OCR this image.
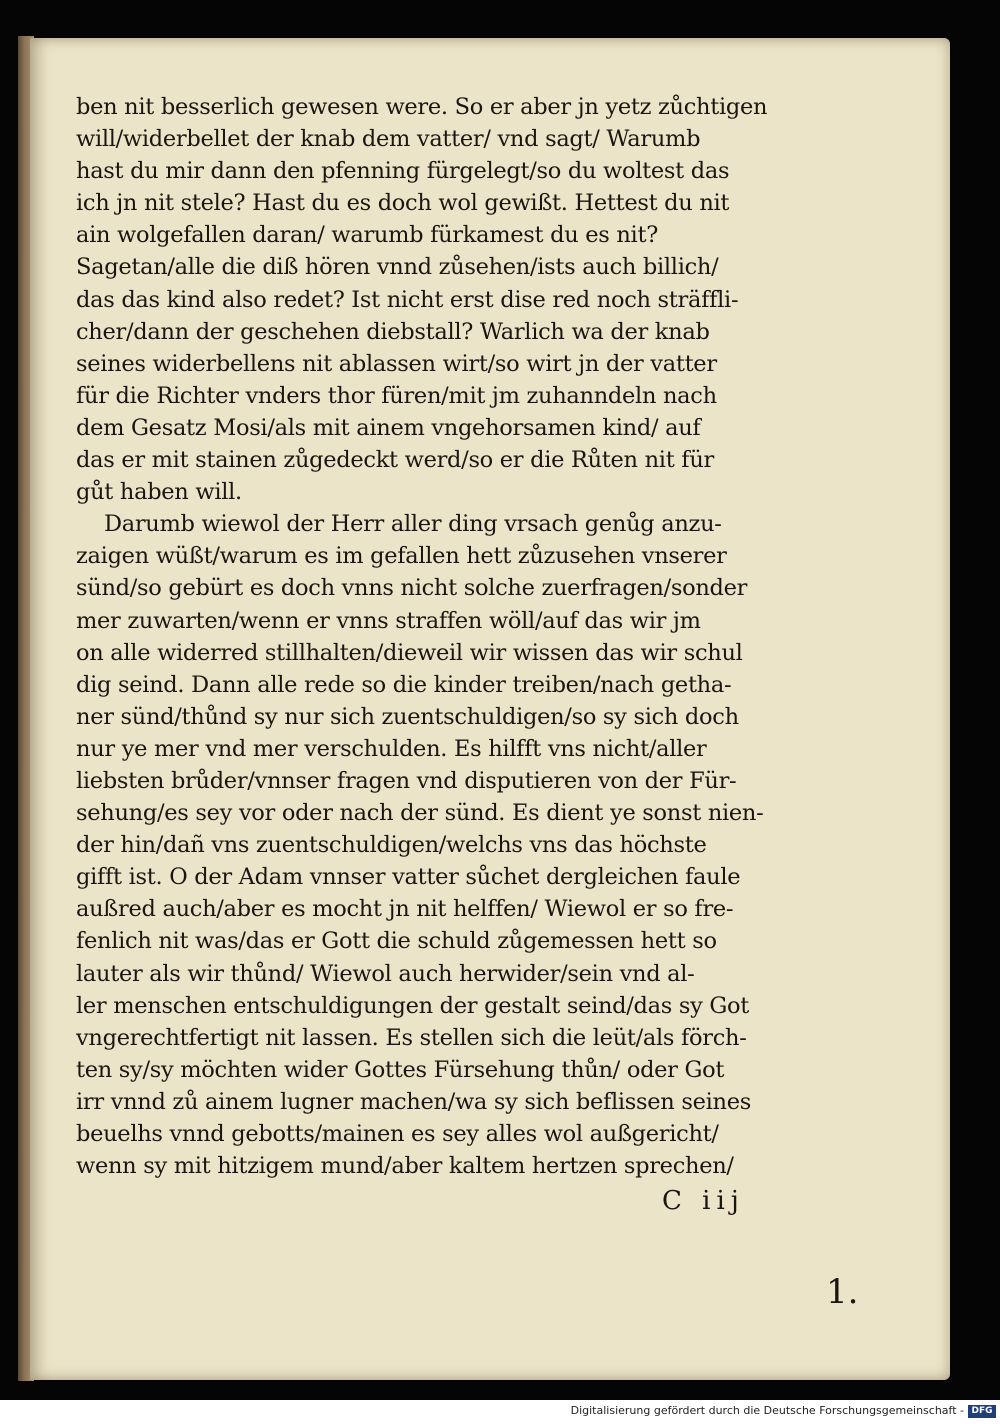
ben nit besserlich gewesen were. So er aber jn yetz zůchtigen
will/widerbellet der knab dem vatter/ vnd sagt/ Warumb
hast du mir dann den pfenning fürgelegt/so du woltest das
ich jn nit stele? Hast du es doch wol gewißt. Hettest du nit
ain wolgefallen daran/ warumb fürkamest du es nit?
Sagetan/alle die diß hören vnnd zůsehen/ists auch billich/
das das kind also redet? Ist nicht erst dise red noch sträffli-
cher/dann der geschehen diebstall? Warlich wa der knab
seines widerbellens nit ablassen wirt/so wirt jn der vatter
für die Richter vnders thor füren/mit jm zuhanndeln nach
dem Gesatz Mosi/als mit ainem vngehorsamen kind/ auf
das er mit stainen zůgedeckt werd/so er die Růten nit für
gůt haben will.
Darumb wiewol der Herr aller ding vrsach genůg anzu-
zaigen wüßt/warum es im gefallen hett zůzusehen vnserer
sünd/so gebürt es doch vnns nicht solche zuerfragen/sonder
mer zuwarten/wenn er vnns straffen wöll/auf das wir jm
on alle widerred stillhalten/dieweil wir wissen das wir schul
dig seind. Dann alle rede so die kinder treiben/nach getha-
ner sünd/thůnd sy nur sich zuentschuldigen/so sy sich doch
nur ye mer vnd mer verschulden. Es hilfft vns nicht/aller
liebsten brůder/vnnser fragen vnd disputieren von der Für-
sehung/es sey vor oder nach der sünd. Es dient ye sonst nien-
der hin/dañ vns zuentschuldigen/welchs vns das höchste
gifft ist. O der Adam vnnser vatter sůchet dergleichen faule
außred auch/aber es mocht jn nit helffen/ Wiewol er so fre-
fenlich nit was/das er Gott die schuld zůgemessen hett so
lauter als wir thůnd/ Wiewol auch herwider/sein vnd al-
ler menschen entschuldigungen der gestalt seind/das sy Got
vngerechtfertigt nit lassen. Es stellen sich die leüt/als förch-
ten sy/sy möchten wider Gottes Fürsehung thůn/ oder Got
irr vnnd zů ainem lugner machen/wa sy sich beflissen seines
beuelhs vnnd gebotts/mainen es sey alles wol außgericht/
wenn sy mit hitzigem mund/aber kaltem hertzen sprechen/
C iij
1.
Digitalisierung gefördert durch die Deutsche Forschungsgemeinschaft - DFG
